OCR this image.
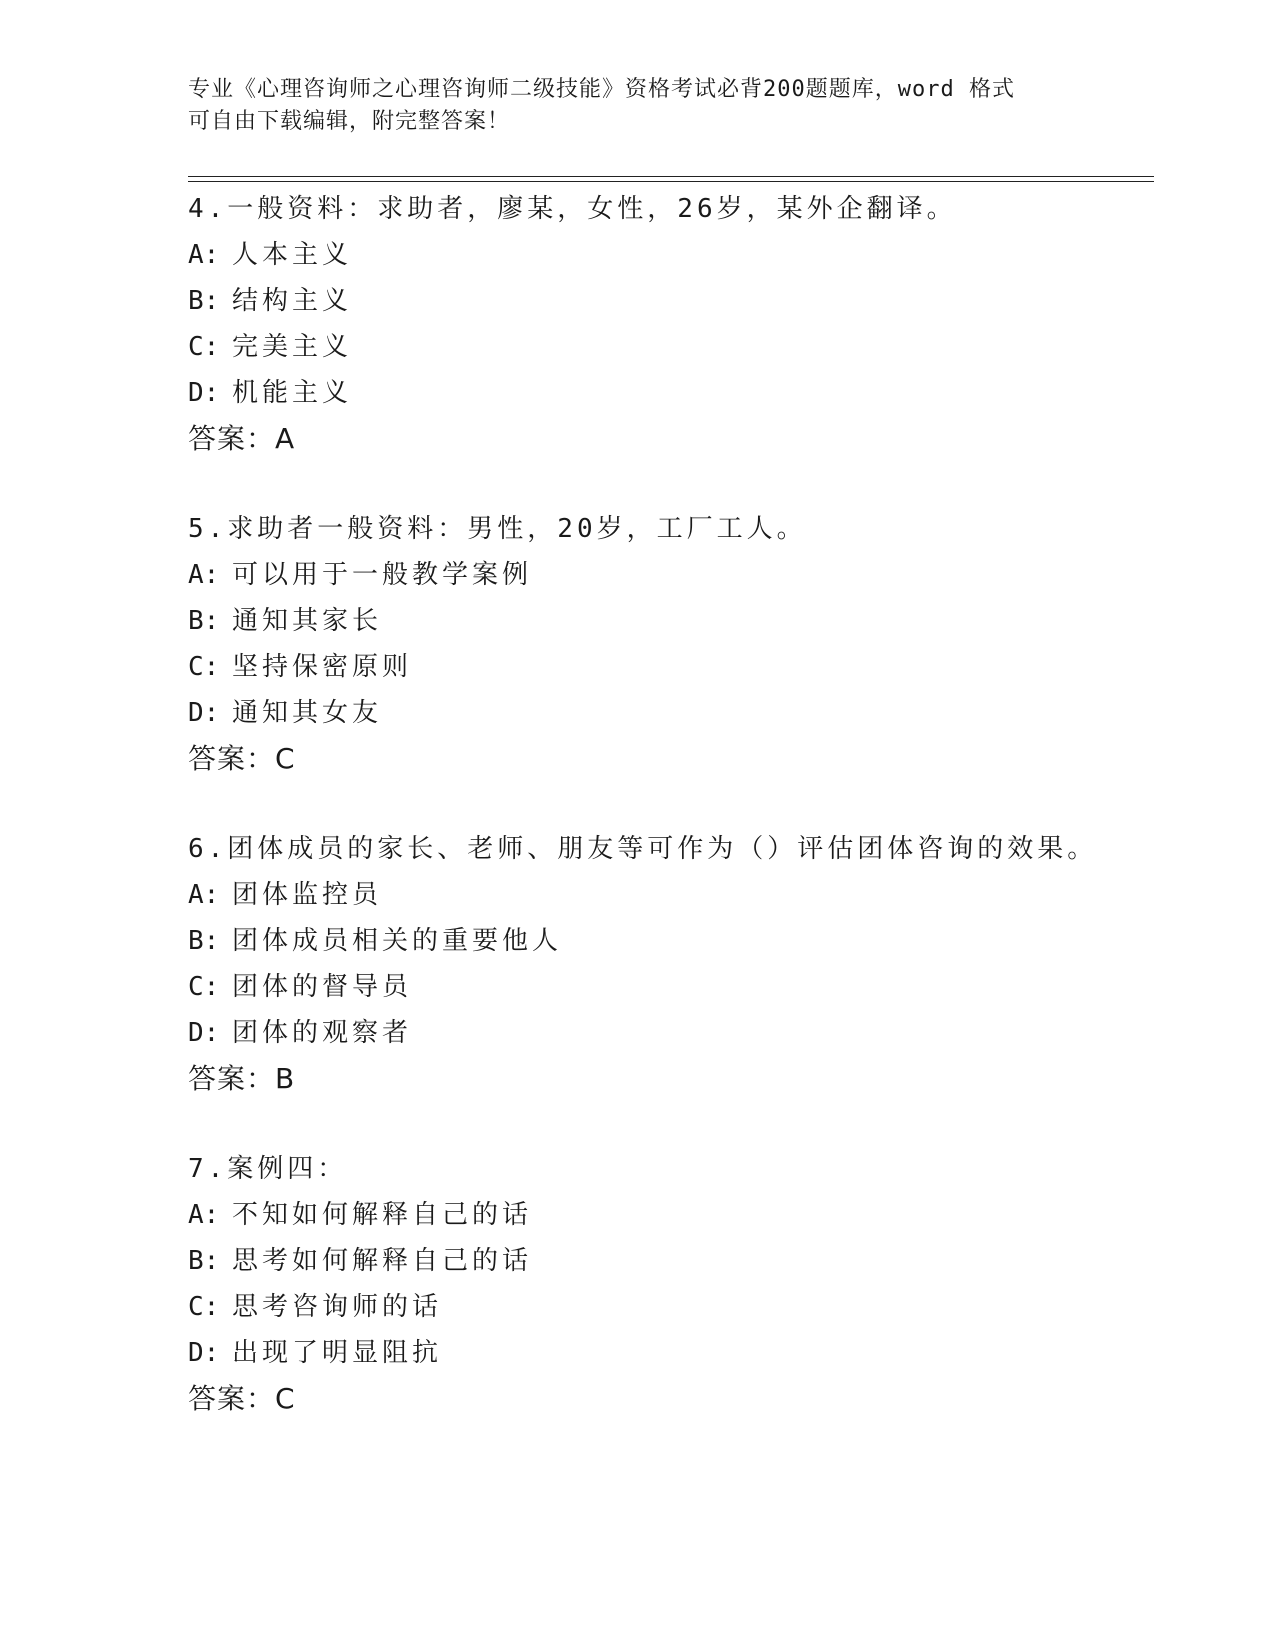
专业《心理咨询师之心理咨询师二级技能》资格考试必背200题题库，word 格式
可自由下载编辑，附完整答案！
4.一般资料：求助者，廖某，女性，26岁，某外企翻译。
A: 人本主义
B: 结构主义
C: 完美主义
D: 机能主义
答案：A
5.求助者一般资料：男性，20岁，工厂工人。
A: 可以用于一般教学案例
B: 通知其家长
C: 坚持保密原则
D: 通知其女友
答案：C
6.团体成员的家长、老师、朋友等可作为（）评估团体咨询的效果。
A: 团体监控员
B: 团体成员相关的重要他人
C: 团体的督导员
D: 团体的观察者
答案：B
7.案例四：
A: 不知如何解释自己的话
B: 思考如何解释自己的话
C: 思考咨询师的话
D: 出现了明显阻抗
答案：C
